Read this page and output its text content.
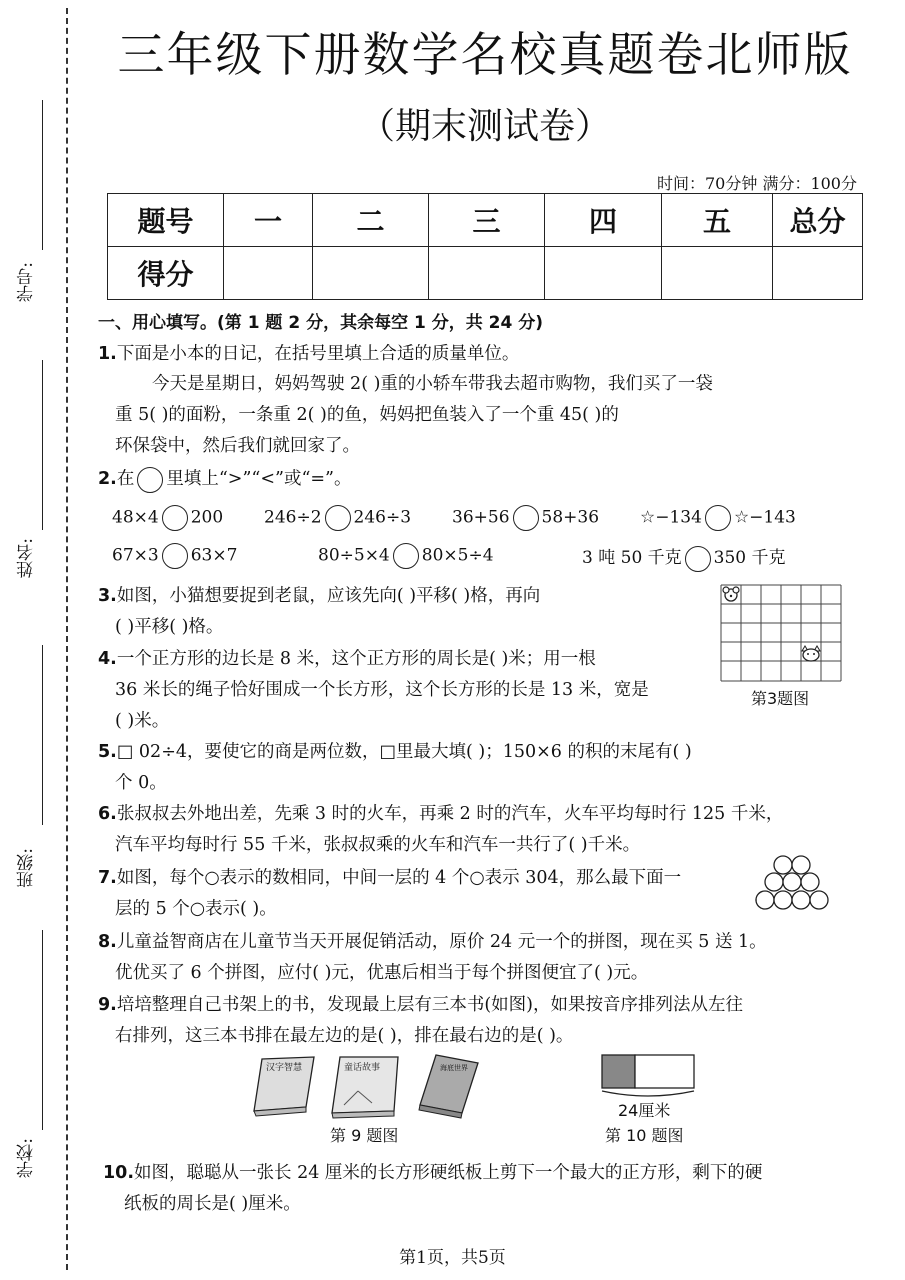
学号:
姓名:
班级:
学校:
三年级下册数学名校真题卷北师版
（期末测试卷）
时间：70分钟 满分：100分
题号	一	二	三	四	五	总分
得分						
一、用心填写。(第 1 题 2 分，其余每空 1 分，共 24 分)
1.下面是小本的日记，在括号里填上合适的质量单位。
今天是星期日，妈妈驾驶 2( )重的小轿车带我去超市购物，我们买了一袋
重 5( )的面粉，一条重 2( )的鱼，妈妈把鱼装入了一个重 45( )的
环保袋中，然后我们就回家了。
2.在 里填上“>”“<”或“=”。
48×4 200 246÷2 246÷3 36+56 58+36 ☆−134 ☆−143
67×3 63×7	80÷5×4 80×5÷4	3 吨 50 千克 350 千克
3.如图，小猫想要捉到老鼠，应该先向( )平移( )格，再向
( )平移( )格。
第3题图
4.一个正方形的边长是 8 米，这个正方形的周长是( )米；用一根
36 米长的绳子恰好围成一个长方形，这个长方形的长是 13 米，宽是
( )米。
5.□ 02÷4，要使它的商是两位数，□里最大填( )；150×6 的积的末尾有( )
个 0。
6.张叔叔去外地出差，先乘 3 时的火车，再乘 2 时的汽车，火车平均每时行 125 千米，
汽车平均每时行 55 千米，张叔叔乘的火车和汽车一共行了( )千米。
7.如图，每个○表示的数相同，中间一层的 4 个○表示 304，那么最下面一
层的 5 个○表示( )。
8.儿童益智商店在儿童节当天开展促销活动，原价 24 元一个的拼图，现在买 5 送 1。
优优买了 6 个拼图，应付( )元，优惠后相当于每个拼图便宜了( )元。
9.培培整理自己书架上的书，发现最上层有三本书(如图)，如果按音序排列法从左往
右排列，这三本书排在最左边的是( )，排在最右边的是( )。
汉字智慧	童话故事	海底世界
第 9 题图
24厘米
第 10 题图
10.如图，聪聪从一张长 24 厘米的长方形硬纸板上剪下一个最大的正方形，剩下的硬
纸板的周长是( )厘米。
第1页，共5页
